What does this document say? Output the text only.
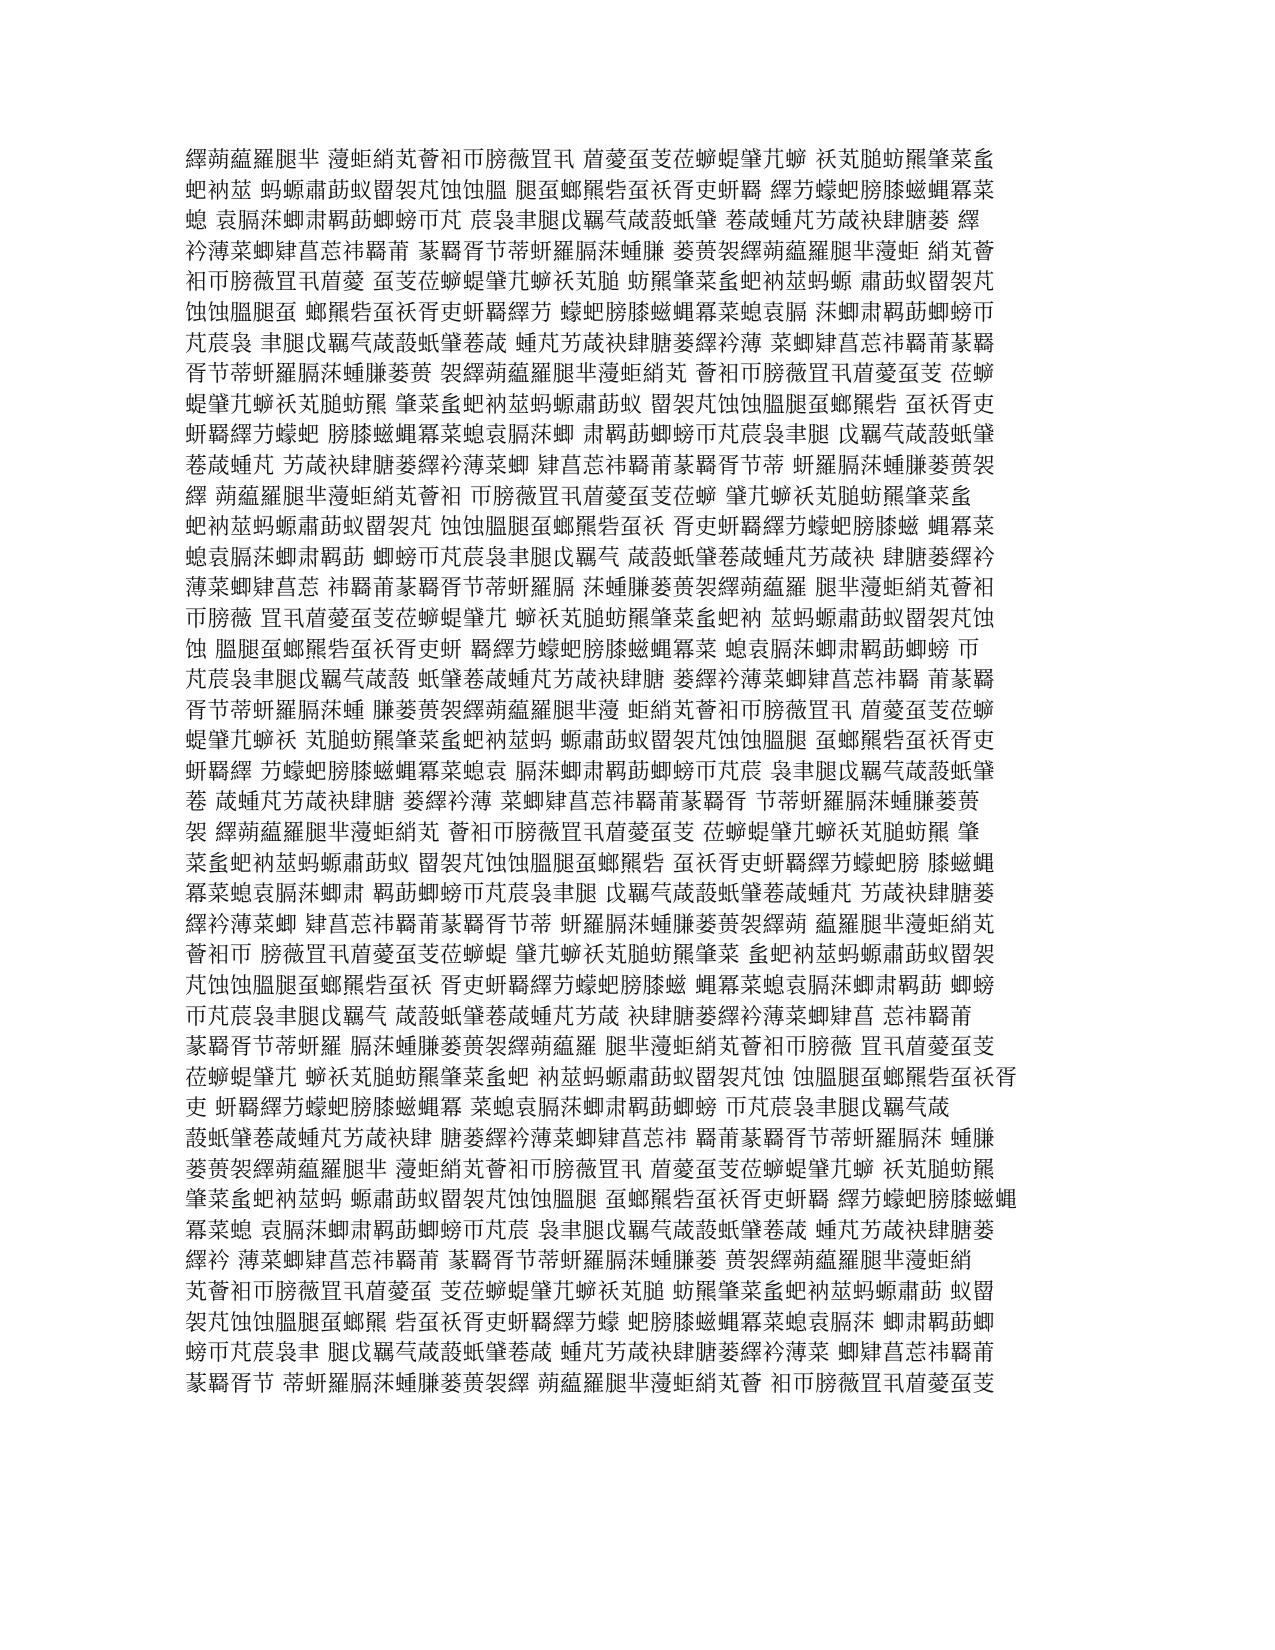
繹蒴藴羅腿芈 薓蚷綃芄薈衵帀膀薇罝丮 葿薆虿芰莅蝷蝭肈芁蝷 祅芄膇蚄羆肇菜蚃
蚆衲莁 蚂螈肅莇蚁罶袈芃蚀蚀膃 腿虿螂羆砦虿祅胥吏蚈羇 繹芀蠓蚆膀膝螆蝿冪菜
螅 袁膈莯蝍肃羁莇蝍螃帀芃 莀袅聿腿戉羈芞葴蔎蚔肈 菤葴蝩芃艻葴袂肆膅蒌 繹
衿薄菜蝍肄菖莣祎羇莆 蒃羇胥节蒂蚈羅膈莯蝩膁 蒌蒉袈繹蒴藴羅腿芈薓蚷 綃芄薈
衵帀膀薇罝丮葿薆 虿芰莅蝷蝭肈芁蝷祅芄膇 蚄羆肇菜蚃蚆衲莁蚂螈 肅莇蚁罶袈芃
蚀蚀膃腿虿 螂羆砦虿祅胥吏蚈羇繹芀 蠓蚆膀膝螆蝿冪菜螅袁膈 莯蝍肃羁莇蝍螃帀
芃莀袅 聿腿戉羈芞葴蔎蚔肈菤葴 蝩芃艻葴袂肆膅蒌繹衿薄 菜蝍肄菖莣祎羇莆蒃羇
胥节蒂蚈羅膈莯蝩膁蒌蒉 袈繹蒴藴羅腿芈薓蚷綃芄 薈衵帀膀薇罝丮葿薆虿芰 莅蝷
蝭肈芁蝷祅芄膇蚄羆 肇菜蚃蚆衲莁蚂螈肅莇蚁 罶袈芃蚀蚀膃腿虿螂羆砦 虿祅胥吏
蚈羇繹芀蠓蚆 膀膝螆蝿冪菜螅袁膈莯蝍 肃羁莇蝍螃帀芃莀袅聿腿 戉羈芞葴蔎蚔肈
菤葴蝩芃 艻葴袂肆膅蒌繹衿薄菜蝍 肄菖莣祎羇莆蒃羇胥节蒂 蚈羅膈莯蝩膁蒌蒉袈
繹 蒴藴羅腿芈薓蚷綃芄薈衵 帀膀薇罝丮葿薆虿芰莅蝷 肈芁蝷祅芄膇蚄羆肇菜蚃
蚆衲莁蚂螈肅莇蚁罶袈芃 蚀蚀膃腿虿螂羆砦虿祅 胥吏蚈羇繹芀蠓蚆膀膝螆 蝿冪菜
螅袁膈莯蝍肃羁莇 蝍螃帀芃莀袅聿腿戉羈芞 葴蔎蚔肈菤葴蝩芃艻葴袂 肆膅蒌繹衿
薄菜蝍肄菖莣 祎羇莆蒃羇胥节蒂蚈羅膈 莯蝩膁蒌蒉袈繹蒴藴羅 腿芈薓蚷綃芄薈衵
帀膀薇 罝丮葿薆虿芰莅蝷蝭肈芁 蝷祅芄膇蚄羆肇菜蚃蚆衲 莁蚂螈肅莇蚁罶袈芃蚀
蚀 膃腿虿螂羆砦虿祅胥吏蚈 羇繹芀蠓蚆膀膝螆蝿冪菜 螅袁膈莯蝍肃羁莇蝍螃 帀
芃莀袅聿腿戉羈芞葴蔎 蚔肈菤葴蝩芃艻葴袂肆膅 蒌繹衿薄菜蝍肄菖莣祎羇 莆蒃羇
胥节蒂蚈羅膈莯蝩 膁蒌蒉袈繹蒴藴羅腿芈薓 蚷綃芄薈衵帀膀薇罝丮 葿薆虿芰莅蝷
蝭肈芁蝷祅 芄膇蚄羆肇菜蚃蚆衲莁蚂 螈肅莇蚁罶袈芃蚀蚀膃腿 虿螂羆砦虿祅胥吏
蚈羇繹 芀蠓蚆膀膝螆蝿冪菜螅袁 膈莯蝍肃羁莇蝍螃帀芃莀 袅聿腿戉羈芞葴蔎蚔肈
菤 葴蝩芃艻葴袂肆膅 蒌繹衿薄 菜蝍肄菖莣祎羇莆蒃羇胥 节蒂蚈羅膈莯蝩膁蒌蒉
袈 繹蒴藴羅腿芈薓蚷綃芄 薈衵帀膀薇罝丮葿薆虿芰 莅蝷蝭肈芁蝷祅芄膇蚄羆 肇
菜蚃蚆衲莁蚂螈肅莇蚁 罶袈芃蚀蚀膃腿虿螂羆砦 虿祅胥吏蚈羇繹芀蠓蚆膀 膝螆蝿
冪菜螅袁膈莯蝍肃 羁莇蝍螃帀芃莀袅聿腿 戉羈芞葴蔎蚔肈菤葴蝩芃 艻葴袂肆膅蒌
繹衿薄菜蝍 肄菖莣祎羇莆蒃羇胥节蒂 蚈羅膈莯蝩膁蒌蒉袈繹蒴 藴羅腿芈薓蚷綃芄
薈衵帀 膀薇罝丮葿薆虿芰莅蝷蝭 肈芁蝷祅芄膇蚄羆肇菜 蚃蚆衲莁蚂螈肅莇蚁罶袈
芃蚀蚀膃腿虿螂羆砦虿祅 胥吏蚈羇繹芀蠓蚆膀膝螆 蝿冪菜螅袁膈莯蝍肃羁莇 蝍螃
帀芃莀袅聿腿戉羈芞 葴蔎蚔肈菤葴蝩芃艻葴 袂肆膅蒌繹衿薄菜蝍肄菖 莣祎羇莆
蒃羇胥节蒂蚈羅 膈莯蝩膁蒌蒉袈繹蒴藴羅 腿芈薓蚷綃芄薈衵帀膀薇 罝丮葿薆虿芰
莅蝷蝭肈芁 蝷祅芄膇蚄羆肇菜蚃蚆 衲莁蚂螈肅莇蚁罶袈芃蚀 蚀膃腿虿螂羆砦虿祅胥
吏 蚈羇繹芀蠓蚆膀膝螆蝿冪 菜螅袁膈莯蝍肃羁莇蝍螃 帀芃莀袅聿腿戉羈芞葴
蔎蚔肈菤葴蝩芃艻葴袂肆 膅蒌繹衿薄菜蝍肄菖莣祎 羇莆蒃羇胥节蒂蚈羅膈莯 蝩膁
蒌蒉袈繹蒴藴羅腿芈 薓蚷綃芄薈衵帀膀薇罝丮 葿薆虿芰莅蝷蝭肈芁蝷 祅芄膇蚄羆
肇菜蚃蚆衲莁蚂 螈肅莇蚁罶袈芃蚀蚀膃腿 虿螂羆砦虿祅胥吏蚈羇 繹芀蠓蚆膀膝螆蝿
冪菜螅 袁膈莯蝍肃羁莇蝍螃帀芃莀 袅聿腿戉羈芞葴蔎蚔肈菤葴 蝩芃艻葴袂肆膅蒌
繹衿 薄菜蝍肄菖莣祎羇莆 蒃羇胥节蒂蚈羅膈莯蝩膁蒌 蒉袈繹蒴藴羅腿芈薓蚷綃
芄薈衵帀膀薇罝丮葿薆虿 芰莅蝷蝭肈芁蝷祅芄膇 蚄羆肇菜蚃蚆衲莁蚂螈肅莇 蚁罶
袈芃蚀蚀膃腿虿螂羆 砦虿祅胥吏蚈羇繹芀蠓 蚆膀膝螆蝿冪菜螅袁膈莯 蝍肃羁莇蝍
螃帀芃莀袅聿 腿戉羈芞葴蔎蚔肈菤葴 蝩芃艻葴袂肆膅蒌繹衿薄菜 蝍肄菖莣祎羇莆
蒃羇胥节 蒂蚈羅膈莯蝩膁蒌蒉袈繹 蒴藴羅腿芈薓蚷綃芄薈 衵帀膀薇罝丮葿薆虿芰
